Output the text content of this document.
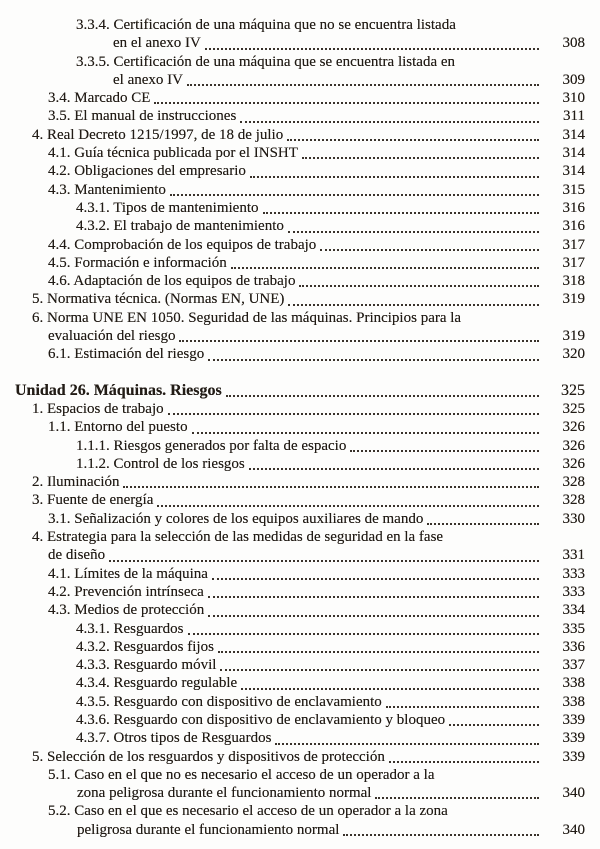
3.3.4. Certificación de una máquina que no se encuentra listada
en el anexo IV	308
3.3.5. Certificación de una máquina que se encuentra listada en
el anexo IV	309
3.4. Marcado CE	310
3.5. El manual de instrucciones	311
4. Real Decreto 1215/1997, de 18 de julio	314
4.1. Guía técnica publicada por el INSHT	314
4.2. Obligaciones del empresario	314
4.3. Mantenimiento	315
4.3.1. Tipos de mantenimiento	316
4.3.2. El trabajo de mantenimiento	316
4.4. Comprobación de los equipos de trabajo	317
4.5. Formación e información	317
4.6. Adaptación de los equipos de trabajo	318
5. Normativa técnica. (Normas EN, UNE)	319
6. Norma UNE EN 1050. Seguridad de las máquinas. Principios para la
evaluación del riesgo	319
6.1. Estimación del riesgo	320
Unidad 26. Máquinas. Riesgos	325
1. Espacios de trabajo	325
1.1. Entorno del puesto	326
1.1.1. Riesgos generados por falta de espacio	326
1.1.2. Control de los riesgos	326
2. Iluminación	328
3. Fuente de energía	328
3.1. Señalización y colores de los equipos auxiliares de mando	330
4. Estrategia para la selección de las medidas de seguridad en la fase
de diseño	331
4.1. Límites de la máquina	333
4.2. Prevención intrínseca	333
4.3. Medios de protección	334
4.3.1. Resguardos	335
4.3.2. Resguardos fijos	336
4.3.3. Resguardo móvil	337
4.3.4. Resguardo regulable	338
4.3.5. Resguardo con dispositivo de enclavamiento	338
4.3.6. Resguardo con dispositivo de enclavamiento y bloqueo	339
4.3.7. Otros tipos de Resguardos	339
5. Selección de los resguardos y dispositivos de protección	339
5.1. Caso en el que no es necesario el acceso de un operador a la
zona peligrosa durante el funcionamiento normal	340
5.2. Caso en el que es necesario el acceso de un operador a la zona
peligrosa durante el funcionamiento normal	340
